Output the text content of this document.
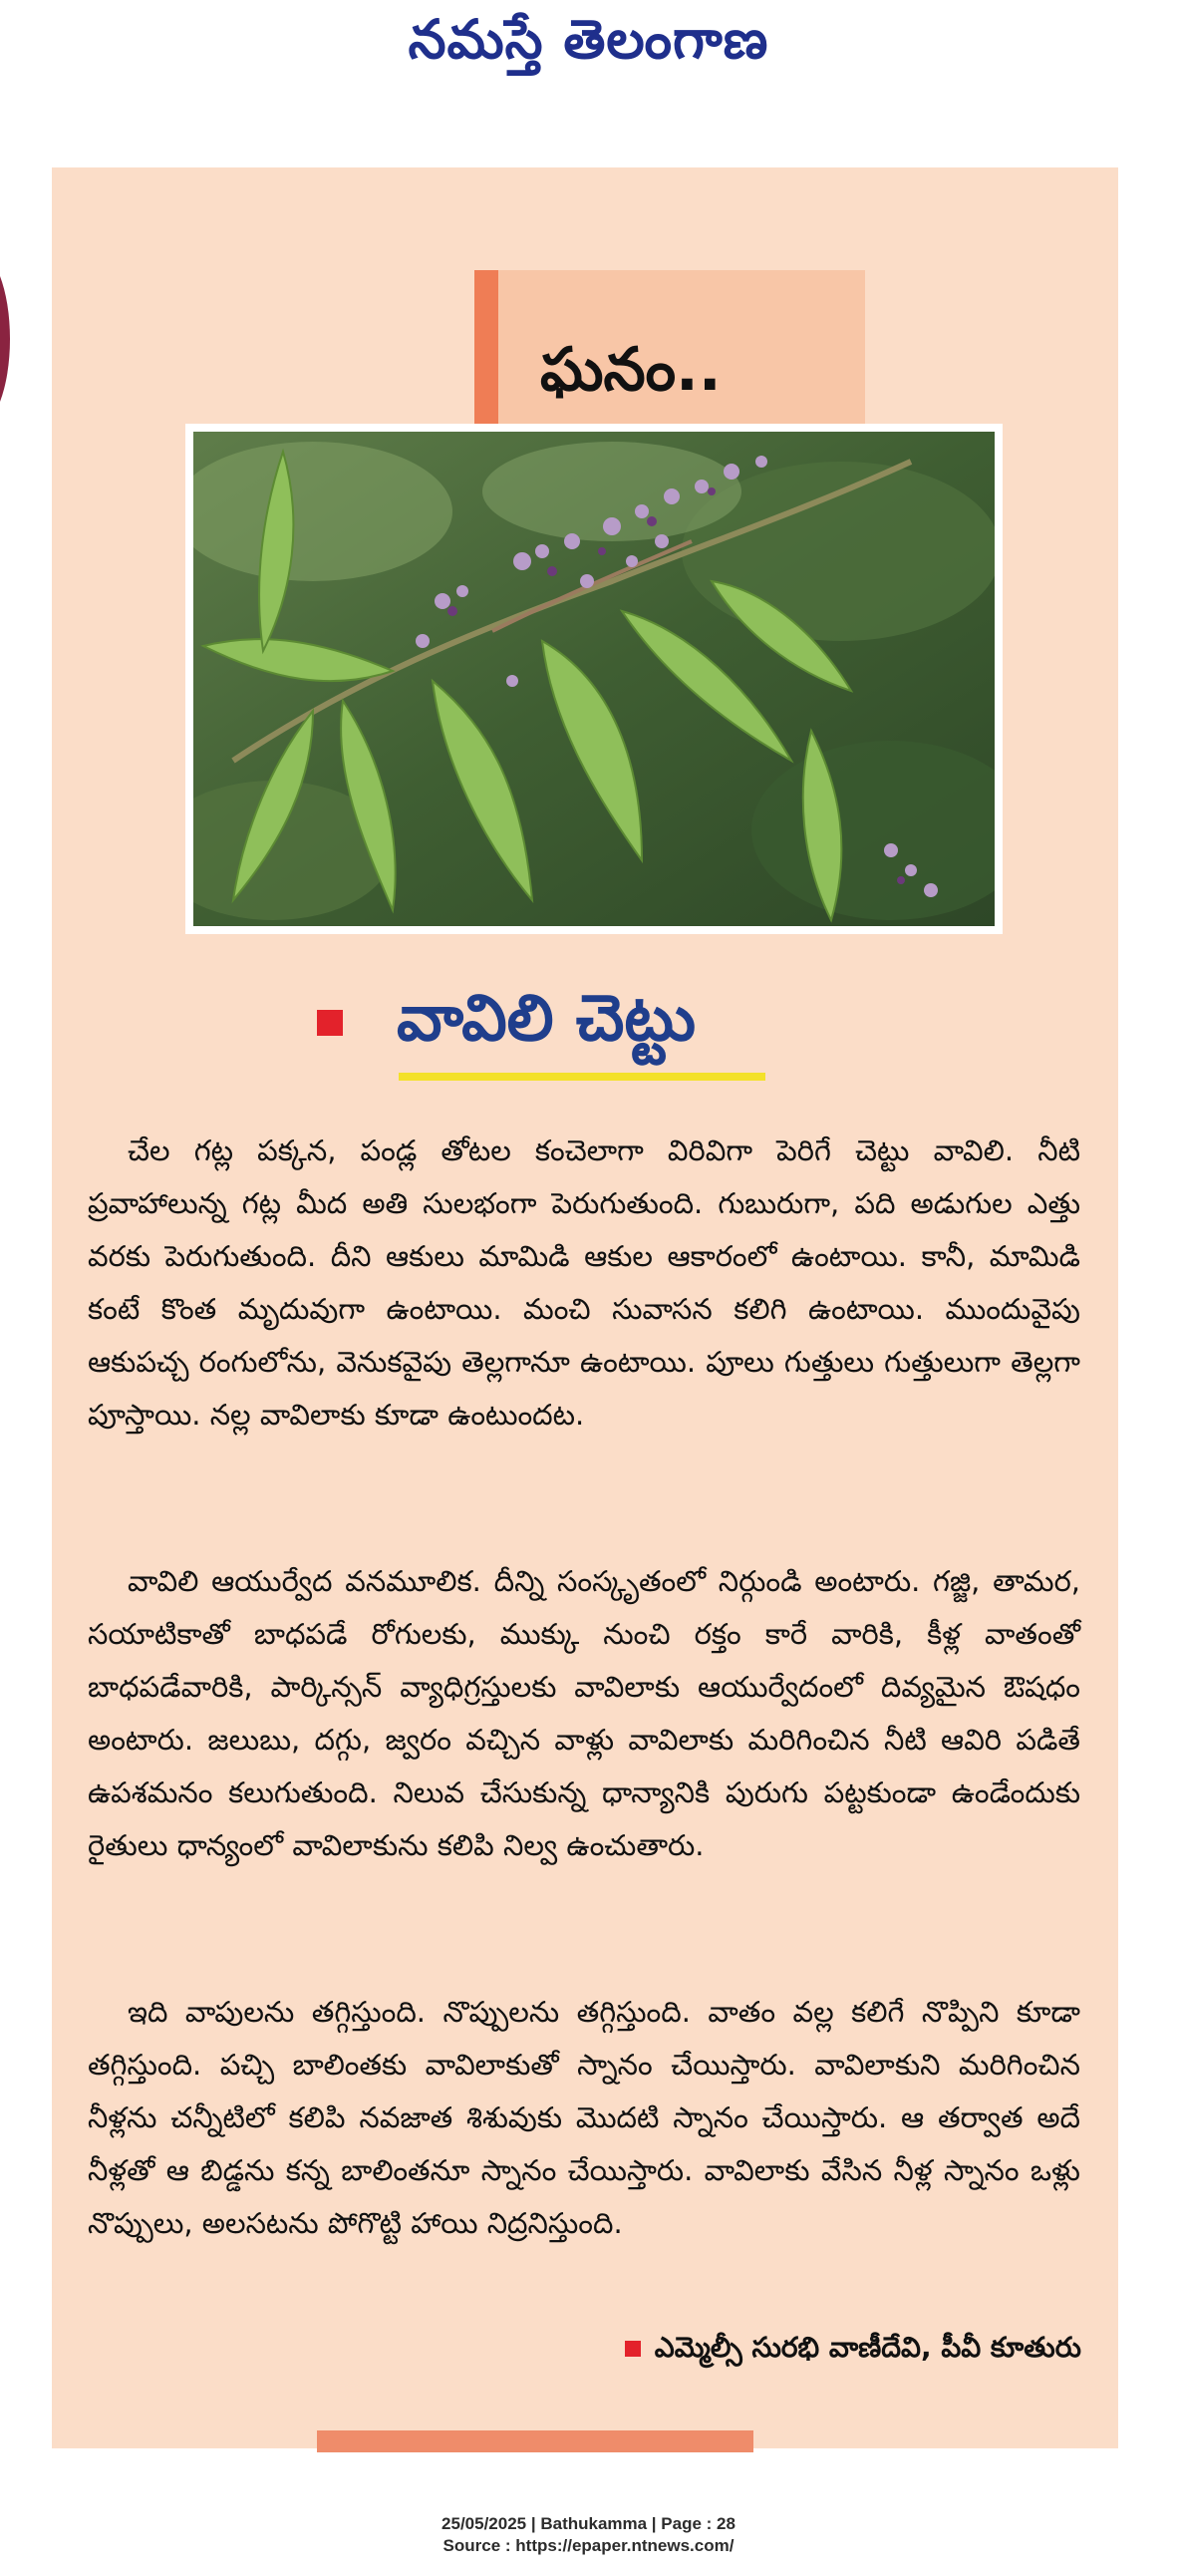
నమస్తే తెలంగాణ
ఘనం..
వావిలి చెట్టు

చేల గట్ల పక్కన, పండ్ల తోటల కంచెలాగా విరివిగా పెరిగే చెట్టు వావిలి. నీటి ప్రవాహాలున్న గట్ల మీద అతి సులభంగా పెరుగుతుంది. గుబురుగా, పది అడుగుల ఎత్తు వరకు పెరుగుతుంది. దీని ఆకులు మామిడి ఆకుల ఆకారంలో ఉంటాయి. కానీ, మామిడి కంటే కొంత మృదువుగా ఉంటాయి. మంచి సువాసన కలిగి ఉంటాయి. ముందువైపు ఆకుపచ్చ రంగులోను, వెనుకవైపు తెల్లగానూ ఉంటాయి. పూలు గుత్తులు గుత్తులుగా తెల్లగా పూస్తాయి. నల్ల వావిలాకు కూడా ఉంటుందట.

వావిలి ఆయుర్వేద వనమూలిక. దీన్ని సంస్కృతంలో నిర్గుండి అంటారు. గజ్జి, తామర, సయాటికాతో బాధపడే రోగులకు, ముక్కు నుంచి రక్తం కారే వారికి, కీళ్ల వాతంతో బాధపడేవారికి, పార్కిన్సన్ వ్యాధిగ్రస్తులకు వావిలాకు ఆయుర్వేదంలో దివ్యమైన ఔషధం అంటారు. జలుబు, దగ్గు, జ్వరం వచ్చిన వాళ్లు వావిలాకు మరిగించిన నీటి ఆవిరి పడితే ఉపశమనం కలుగుతుంది. నిలువ చేసుకున్న ధాన్యానికి పురుగు పట్టకుండా ఉండేందుకు రైతులు ధాన్యంలో వావిలాకును కలిపి నిల్వ ఉంచుతారు.

ఇది వాపులను తగ్గిస్తుంది. నొప్పులను తగ్గిస్తుంది. వాతం వల్ల కలిగే నొప్పిని కూడా తగ్గిస్తుంది. పచ్చి బాలింతకు వావిలాకుతో స్నానం చేయిస్తారు. వావిలాకుని మరిగించిన నీళ్లను చన్నీటిలో కలిపి నవజాత శిశువుకు మొదటి స్నానం చేయిస్తారు. ఆ తర్వాత అదే నీళ్లతో ఆ బిడ్డను కన్న బాలింతనూ స్నానం చేయిస్తారు. వావిలాకు వేసిన నీళ్ల స్నానం ఒళ్లు నొప్పులు, అలసటను పోగొట్టి హాయి నిద్రనిస్తుంది.

ఎమ్మెల్సీ సురభి వాణీదేవి, పీవీ కూతురు
25/05/2025 | Bathukamma | Page : 28
Source : https://epaper.ntnews.com/
